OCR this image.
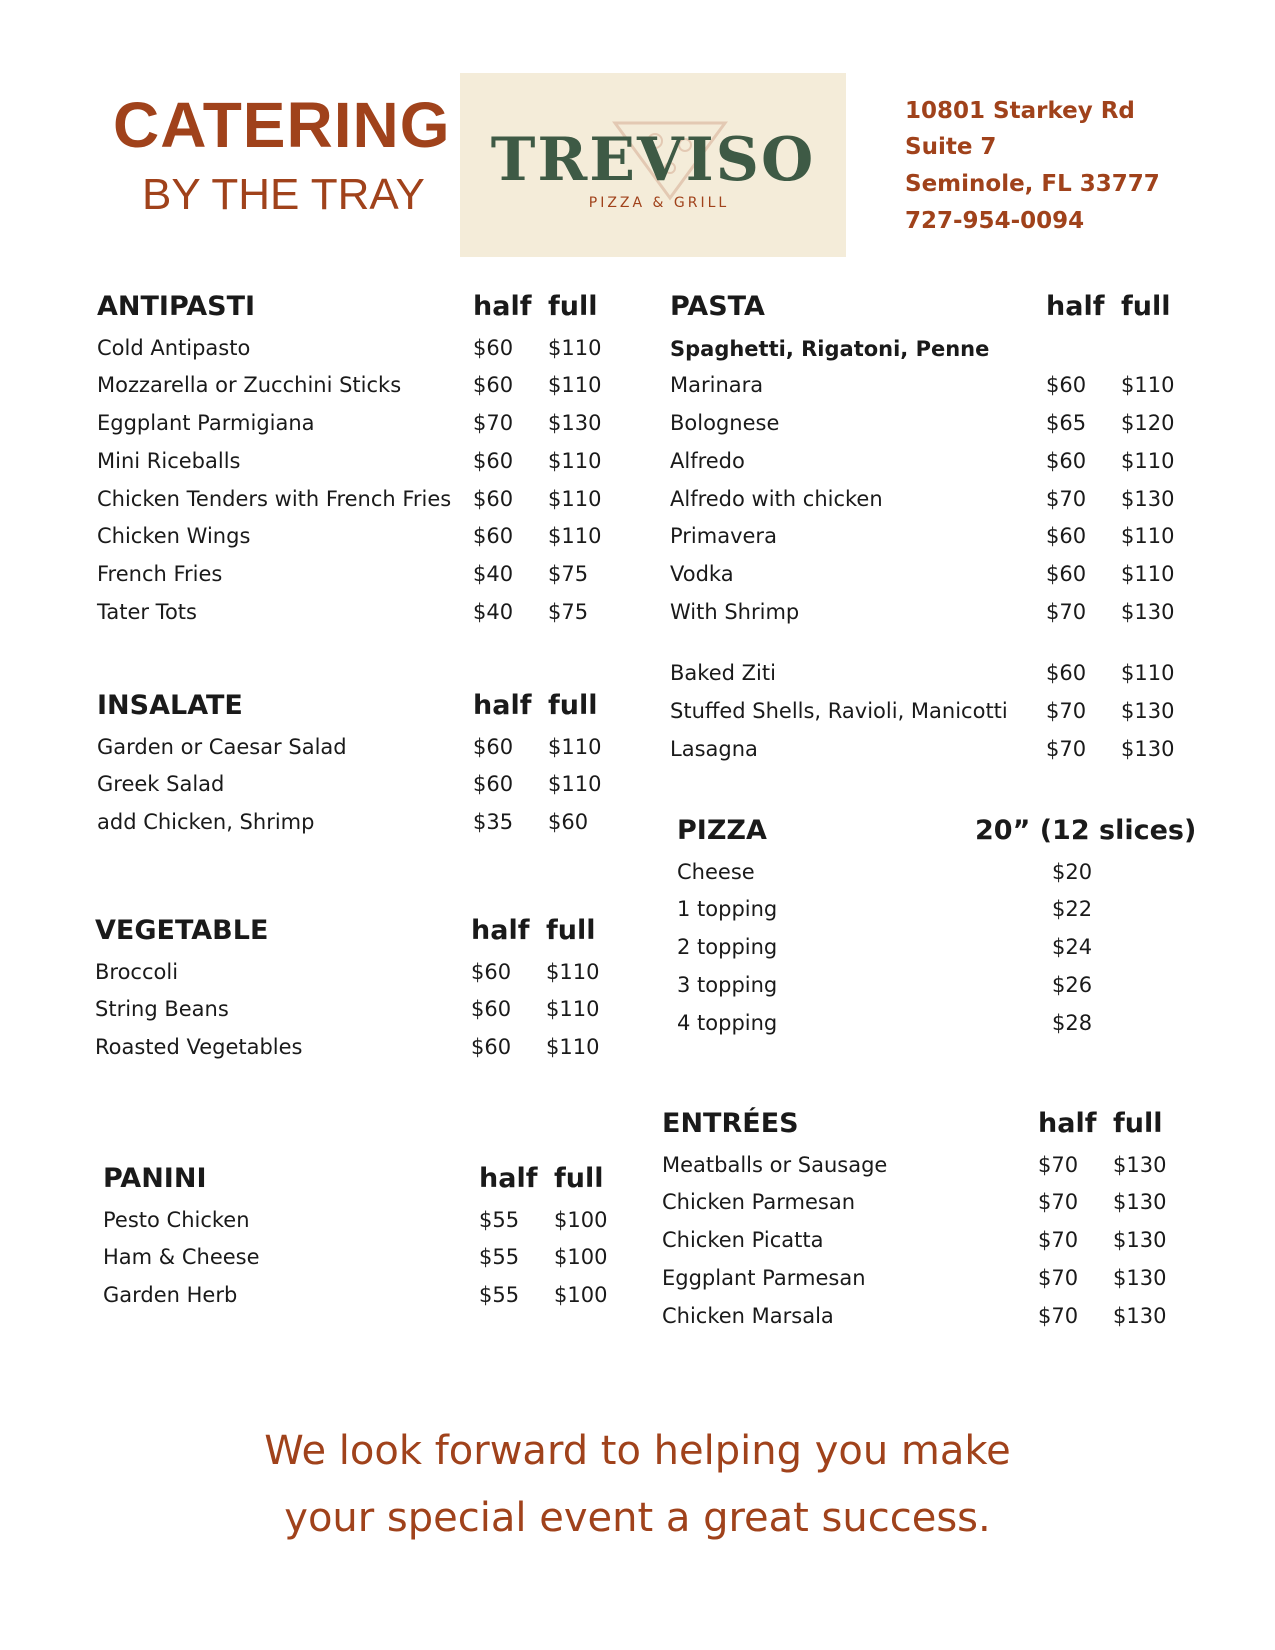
CATERING
BY THE TRAY	TREVISO
PIZZA & GRILL
10801 Starkey Rd
Suite 7
Seminole, FL 33777
727-954-0094
ANTIPASTI	half full
Cold Antipasto	$60 $110
Mozzarella or Zucchini Sticks	$60 $110
Eggplant Parmigiana	$70 $130
Mini Riceballs	$60 $110
Chicken Tenders with French Fries $60 $110
Chicken Wings	$60 $110
French Fries	$40 $75
Tater Tots	$40 $75
INSALATE	half full
Garden or Caesar Salad	$60 $110
Greek Salad	$60 $110
add Chicken, Shrimp	$35 $60
VEGETABLE	half full
Broccoli	$60 $110
String Beans	$60 $110
Roasted Vegetables	$60 $110
PANINI	half full
Pesto Chicken	$55 $100
Ham & Cheese	$55 $100
Garden Herb	$55 $100
PASTA	half full
Spaghetti, Rigatoni, Penne
Marinara	$60 $110
Bolognese	$65 $120
Alfredo	$60 $110
Alfredo with chicken	$70 $130
Primavera	$60 $110
Vodka	$60 $110
With Shrimp	$70 $130
Baked Ziti	$60 $110
Stuffed Shells, Ravioli, Manicotti $70 $130
Lasagna	$70 $130
PIZZA	20” (12 slices)
Cheese	$20
1 topping	$22
2 topping	$24
3 topping	$26
4 topping	$28
ENTRÉES	half full
Meatballs or Sausage	$70 $130
Chicken Parmesan	$70 $130
Chicken Picatta	$70 $130
Eggplant Parmesan	$70 $130
Chicken Marsala	$70 $130
We look forward to helping you make
your special event a great success.
